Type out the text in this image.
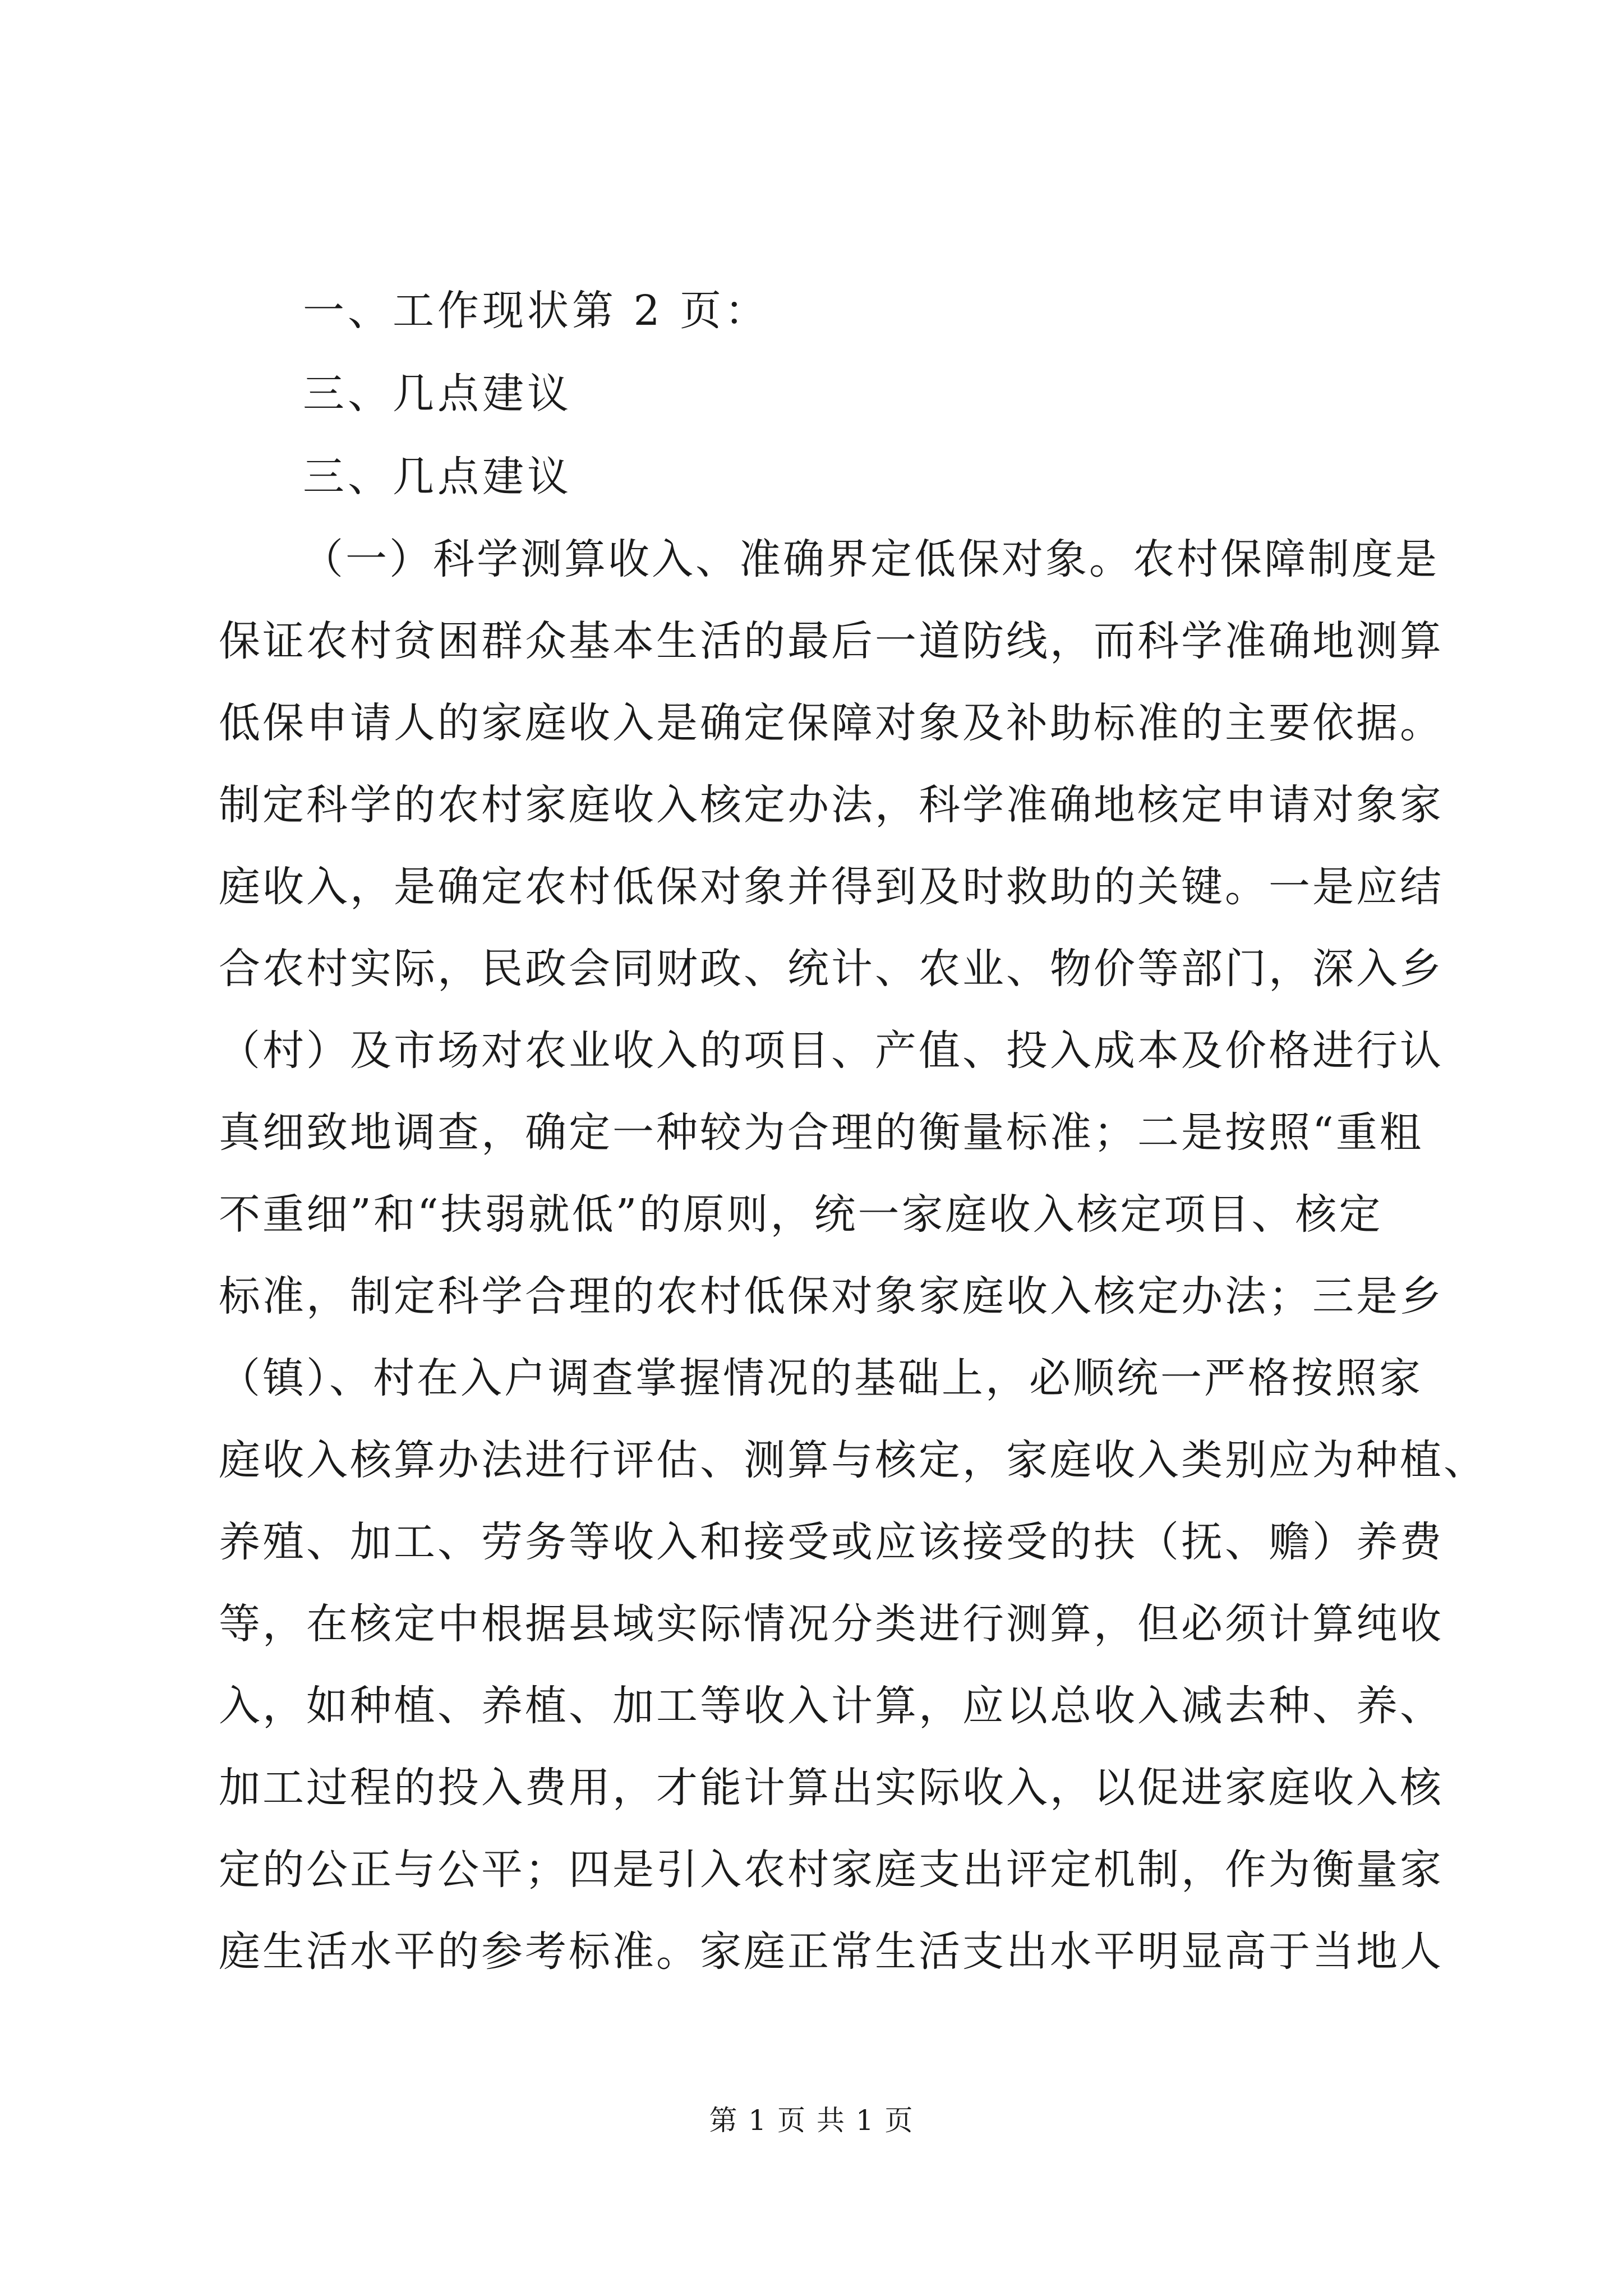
一、工作现状第 2 页：
三、几点建议
三、几点建议
（一）科学测算收入、准确界定低保对象。农村保障制度是
保证农村贫困群众基本生活的最后一道防线，而科学准确地测算
低保申请人的家庭收入是确定保障对象及补助标准的主要依据。
制定科学的农村家庭收入核定办法，科学准确地核定申请对象家
庭收入，是确定农村低保对象并得到及时救助的关键。一是应结
合农村实际，民政会同财政、统计、农业、物价等部门，深入乡
（村）及市场对农业收入的项目、产值、投入成本及价格进行认
真细致地调查，确定一种较为合理的衡量标准；二是按照“重粗
不重细”和“扶弱就低”的原则，统一家庭收入核定项目、核定
标准，制定科学合理的农村低保对象家庭收入核定办法；三是乡
（镇）、村在入户调查掌握情况的基础上，必顺统一严格按照家
庭收入核算办法进行评估、测算与核定，家庭收入类别应为种植、
养殖、加工、劳务等收入和接受或应该接受的扶（抚、赡）养费
等，在核定中根据县域实际情况分类进行测算，但必须计算纯收
入，如种植、养植、加工等收入计算，应以总收入减去种、养、
加工过程的投入费用，才能计算出实际收入，以促进家庭收入核
定的公正与公平；四是引入农村家庭支出评定机制，作为衡量家
庭生活水平的参考标准。家庭正常生活支出水平明显高于当地人
第 1 页 共 1 页
